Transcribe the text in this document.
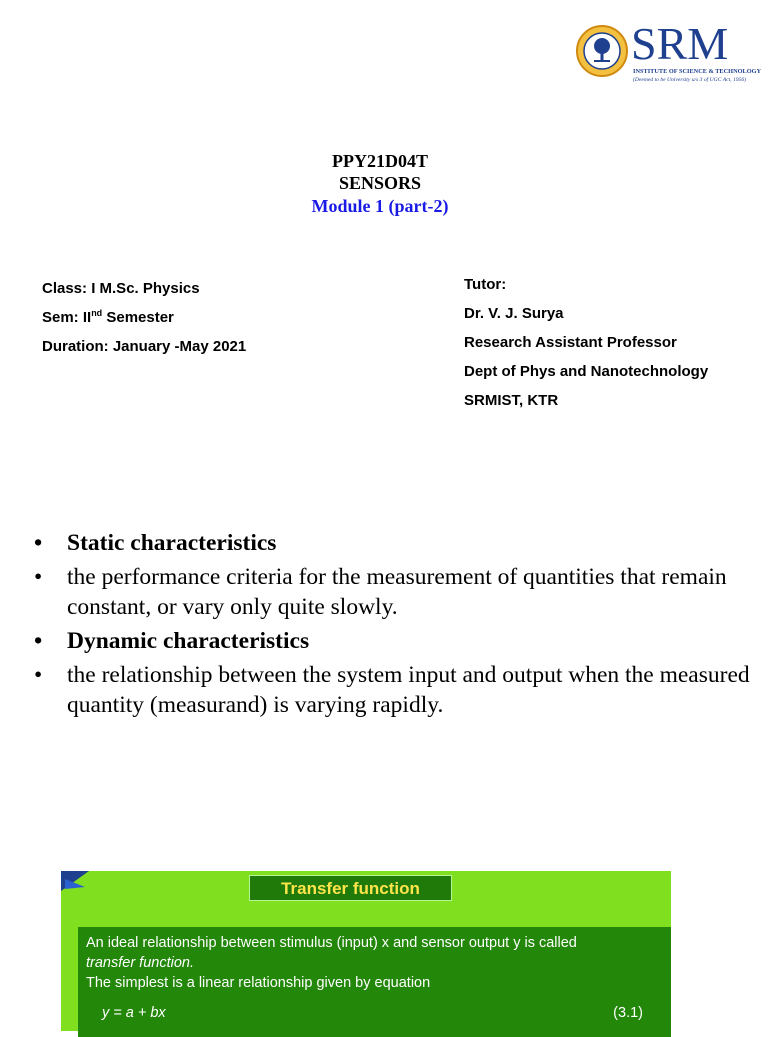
SRM
INSTITUTE OF SCIENCE & TECHNOLOGY
(Deemed to be University u/s 3 of UGC Act, 1956)
PPY21D04T
SENSORS
Module 1 (part-2)
Class: I M.Sc. Physics
Sem: IInd Semester
Duration: January -May 2021
Tutor:
Dr. V. J. Surya
Research Assistant Professor
Dept of Phys and Nanotechnology
SRMIST, KTR
• Static characteristics
• the performance criteria for the measurement of quantities that remain constant, or vary only quite slowly.
• Dynamic characteristics
• the relationship between the system input and output when the measured quantity (measurand) is varying rapidly.
Transfer function
An ideal relationship between stimulus (input) x and sensor output y is called
transfer function.
The simplest is a linear relationship given by equation
y = a + bx	(3.1)
